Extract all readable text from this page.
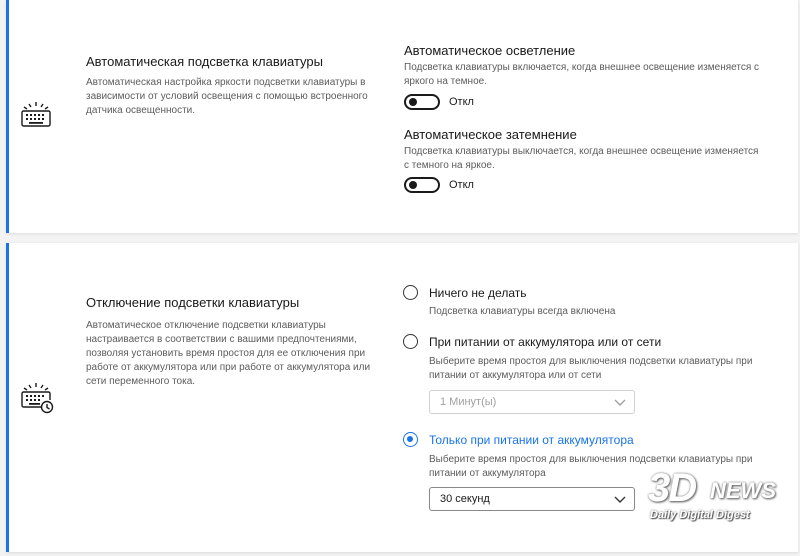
Автоматическая подсветка клавиатуры
Автоматическая настройка яркости подсветки клавиатуры в зависимости от условий освещения с помощью встроенного датчика освещенности.
Автоматическое осветление
Подсветка клавиатуры включается, когда внешнее освещение изменяется с яркого на темное.
Откл
Автоматическое затемнение
Подсветка клавиатуры выключается, когда внешнее освещение изменяется с темного на яркое.
Откл
Отключение подсветки клавиатуры
Автоматическое отключение подсветки клавиатуры настраивается в соответствии с вашими предпочтениями, позволяя установить время простоя для ее отключения при работе от аккумулятора или при работе от аккумулятора или сети переменного тока.
Ничего не делать
Подсветка клавиатуры всегда включена
При питании от аккумулятора или от сети
Выберите время простоя для выключения подсветки клавиатуры при питании от аккумулятора или от сети
1 Минут(ы)
Только при питании от аккумулятора
Выберите время простоя для выключения подсветки клавиатуры при питании от аккумулятора
30 секунд	3D NEWS
Daily Digital Digest
